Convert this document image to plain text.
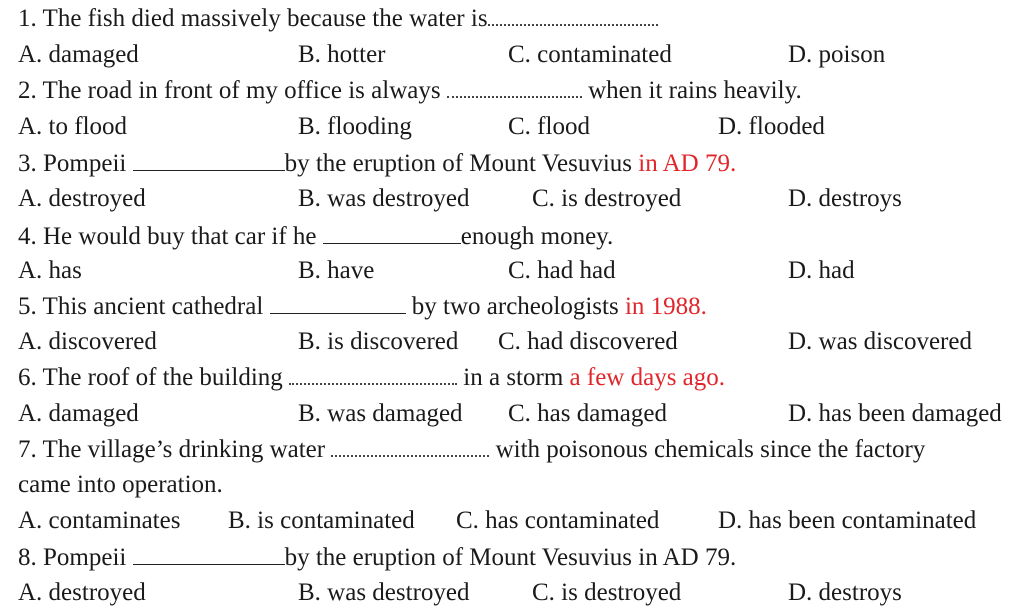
1. The fish died massively because the water is
A. damaged	B. hotter	C. contaminated	D. poison
2. The road in front of my office is always	when it rains heavily.
A. to flood	B. flooding	C. flood	D. flooded
3. Pompeii	by the eruption of Mount Vesuvius in AD 79.
A. destroyed	B. was destroyed	C. is destroyed	D. destroys
4. He would buy that car if he	enough money.
A. has	B. have	C. had had	D. had
5. This ancient cathedral	by two archeologists in 1988.
A. discovered	B. is discovered C. had discovered	D. was discovered
6. The roof of the building	in a storm a few days ago.
A. damaged	B. was damaged C. has damaged	D. has been damaged
7. The village’s drinking water	with poisonous chemicals since the factory
came into operation.
A. contaminates B. is contaminated C. has contaminated D. has been contaminated
8. Pompeii	by the eruption of Mount Vesuvius in AD 79.
A. destroyed	B. was destroyed	C. is destroyed	D. destroys
